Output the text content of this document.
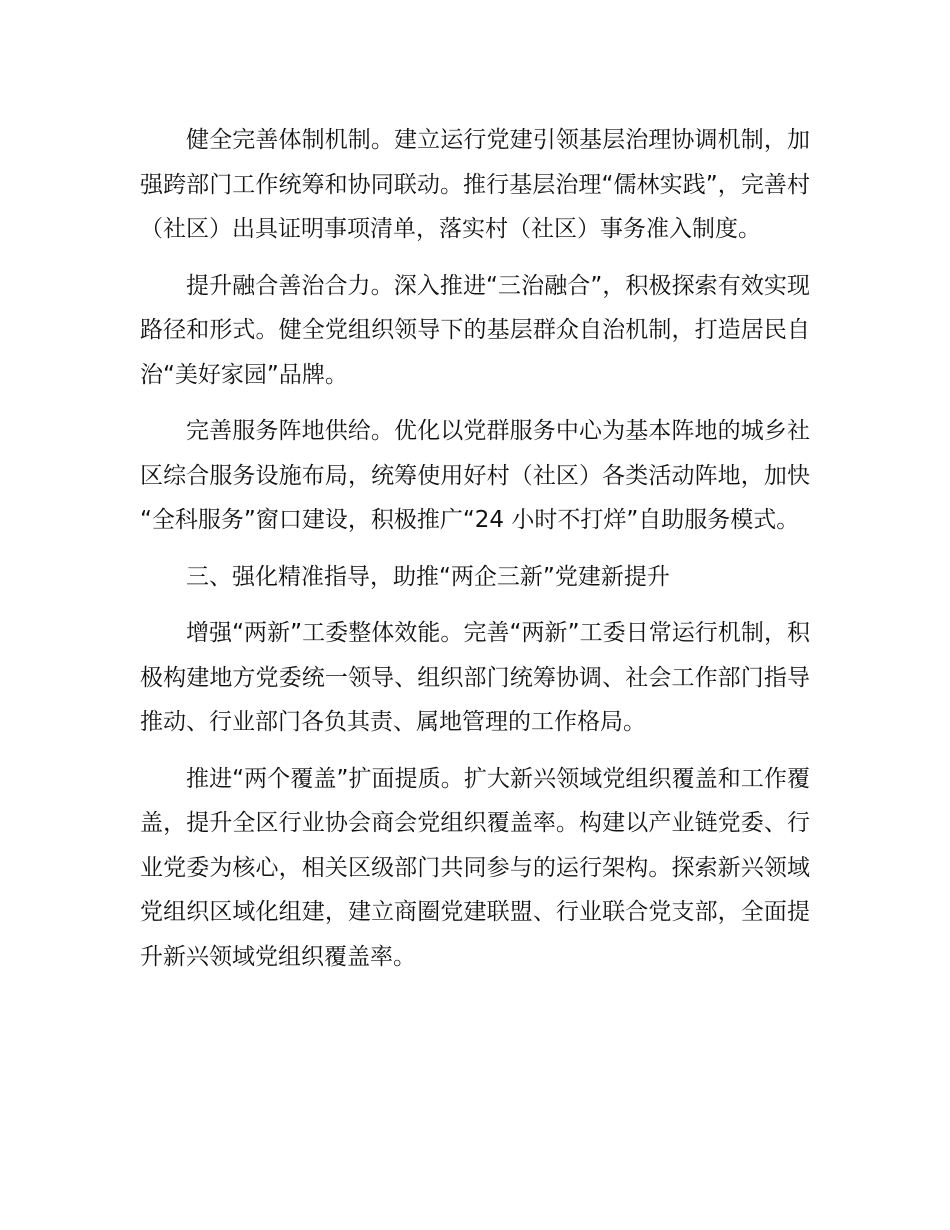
健全完善体制机制。建立运行党建引领基层治理协调机制，加强跨部门工作统筹和协同联动。推行基层治理“儒林实践”，完善村（社区）出具证明事项清单，落实村（社区）事务准入制度。

提升融合善治合力。深入推进“三治融合”，积极探索有效实现路径和形式。健全党组织领导下的基层群众自治机制，打造居民自治“美好家园”品牌。

完善服务阵地供给。优化以党群服务中心为基本阵地的城乡社区综合服务设施布局，统筹使用好村（社区）各类活动阵地，加快“全科服务”窗口建设，积极推广“24 小时不打烊”自助服务模式。

三、强化精准指导，助推“两企三新”党建新提升

增强“两新”工委整体效能。完善“两新”工委日常运行机制，积极构建地方党委统一领导、组织部门统筹协调、社会工作部门指导推动、行业部门各负其责、属地管理的工作格局。

推进“两个覆盖”扩面提质。扩大新兴领域党组织覆盖和工作覆盖，提升全区行业协会商会党组织覆盖率。构建以产业链党委、行业党委为核心，相关区级部门共同参与的运行架构。探索新兴领域党组织区域化组建，建立商圈党建联盟、行业联合党支部，全面提升新兴领域党组织覆盖率。
